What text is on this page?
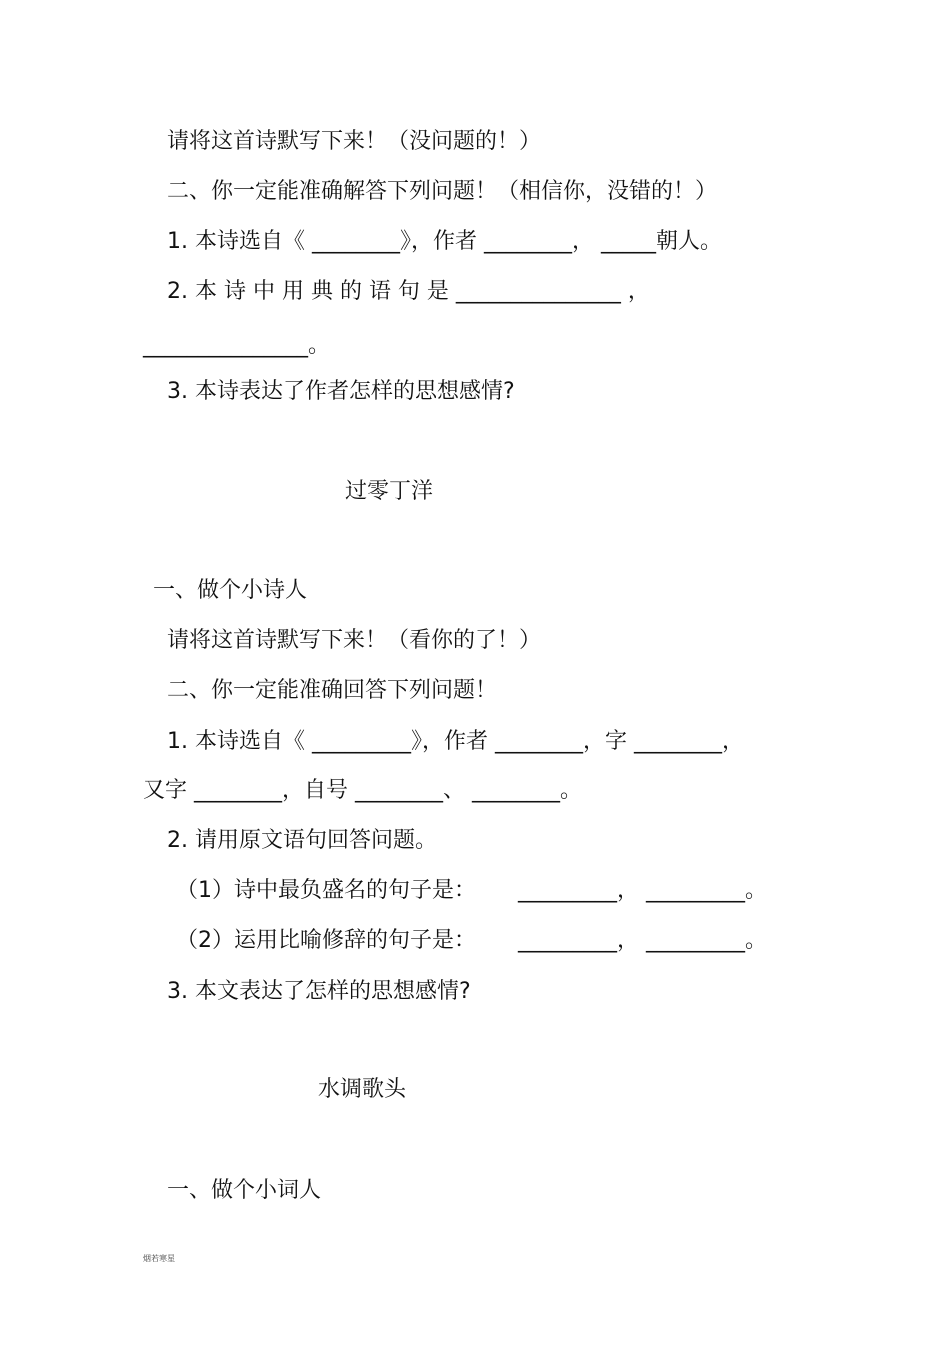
请将这首诗默写下来！（没问题的！）
二、你一定能准确解答下列问题！（相信你，没错的！）
1. 本诗选自《 ________》，作者 ________， _____朝人。
2. 本 诗 中 用 典 的 语 句 是 _______________ ，
_______________。
3. 本诗表达了作者怎样的思想感情?
过零丁洋
一、做个小诗人
请将这首诗默写下来！（看你的了！）
二、你一定能准确回答下列问题！
1. 本诗选自《 _________》，作者 ________，字 ________，
又字 ________，自号 ________、 ________。
2. 请用原文语句回答问题。
（1）诗中最负盛名的句子是：      _________， _________。
（2）运用比喻修辞的句子是：      _________， _________。
3. 本文表达了怎样的思想感情?
水调歌头
一、做个小词人
烟若寒星
